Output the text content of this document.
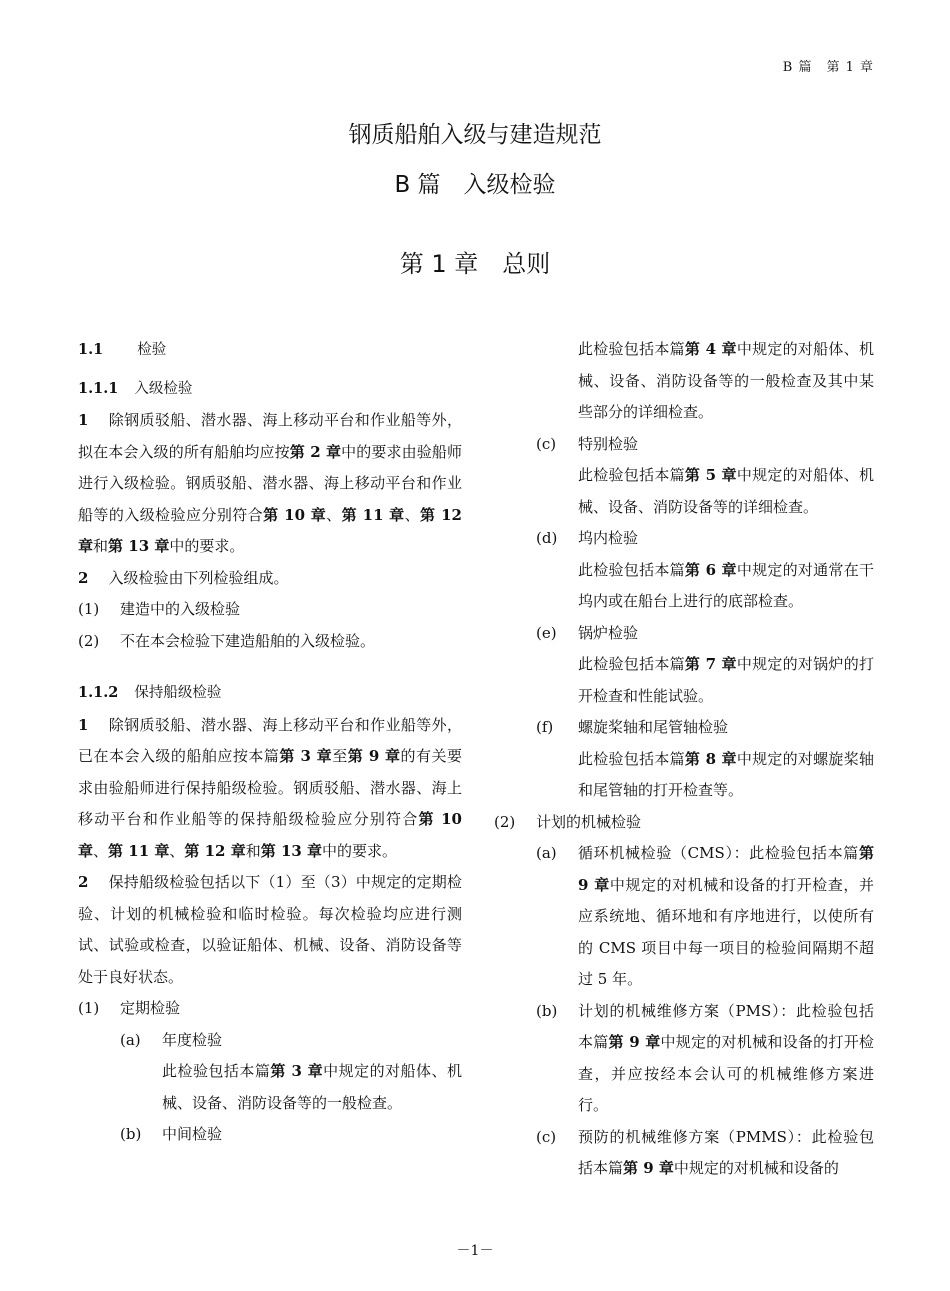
B 篇　第 1 章
钢质船舶入级与建造规范
B 篇　入级检验
第 1 章　总则

1.1 检验

1.1.1 入级检验

1 除钢质驳船、潜水器、海上移动平台和作业船等外，拟在本会入级的所有船舶均应按第 2 章中的要求由验船师进行入级检验。钢质驳船、潜水器、海上移动平台和作业船等的入级检验应分别符合第 10 章、第 11 章、第 12 章和第 13 章中的要求。

2 入级检验由下列检验组成。

(1)	建造中的入级检验

(2)	不在本会检验下建造船舶的入级检验。

1.1.2 保持船级检验

1 除钢质驳船、潜水器、海上移动平台和作业船等外，已在本会入级的船舶应按本篇第 3 章至第 9 章的有关要求由验船师进行保持船级检验。钢质驳船、潜水器、海上移动平台和作业船等的保持船级检验应分别符合第 10 章、第 11 章、第 12 章和第 13 章中的要求。

2 保持船级检验包括以下（1）至（3）中规定的定期检验、计划的机械检验和临时检验。每次检验均应进行测试、试验或检查，以验证船体、机械、设备、消防设备等处于良好状态。

(1)	定期检验

(a)	年度检验

此检验包括本篇第 3 章中规定的对船体、机械、设备、消防设备等的一般检查。

(b)	中间检验

此检验包括本篇第 4 章中规定的对船体、机械、设备、消防设备等的一般检查及其中某些部分的详细检查。

(c)	特别检验

此检验包括本篇第 5 章中规定的对船体、机械、设备、消防设备等的详细检查。

(d)	坞内检验

此检验包括本篇第 6 章中规定的对通常在干坞内或在船台上进行的底部检查。

(e)	锅炉检验

此检验包括本篇第 7 章中规定的对锅炉的打开检查和性能试验。

(f)	螺旋桨轴和尾管轴检验

此检验包括本篇第 8 章中规定的对螺旋桨轴和尾管轴的打开检查等。

(2)	计划的机械检验

(a)	循环机械检验（CMS）：此检验包括本篇第 9 章中规定的对机械和设备的打开检查，并应系统地、循环地和有序地进行，以使所有的 CMS 项目中每一项目的检验间隔期不超过 5 年。

(b)	计划的机械维修方案（PMS）：此检验包括本篇第 9 章中规定的对机械和设备的打开检查，并应按经本会认可的机械维修方案进行。

(c)	预防的机械维修方案（PMMS）：此检验包括本篇第 9 章中规定的对机械和设备的

－1－
